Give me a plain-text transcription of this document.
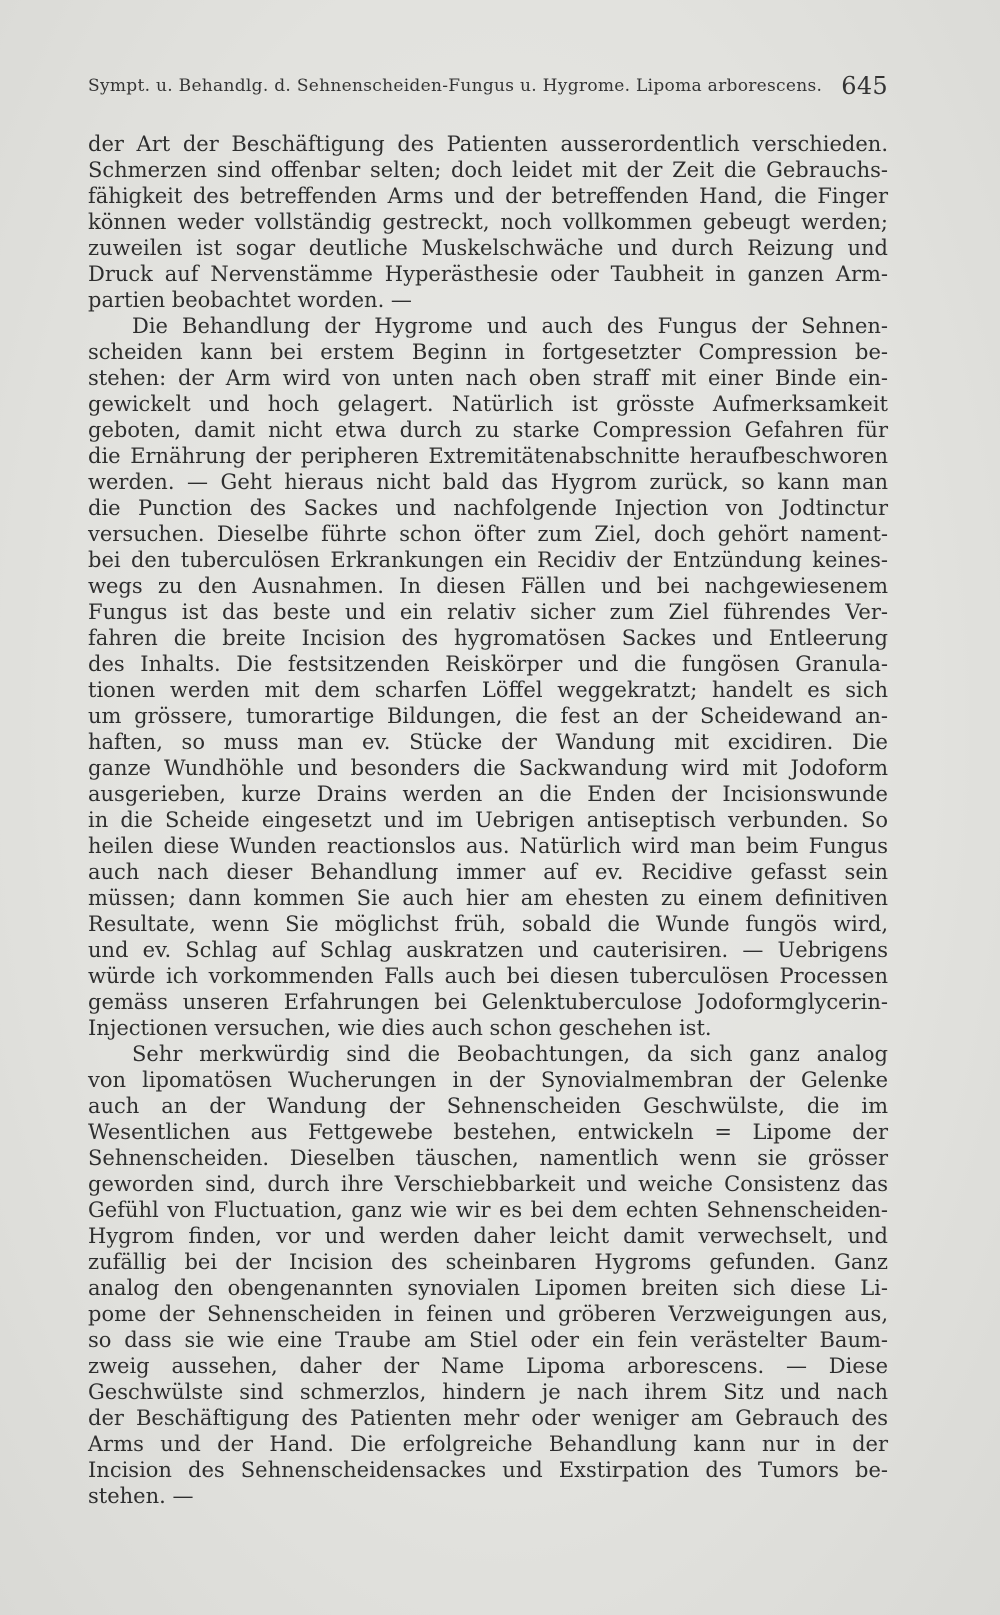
Sympt. u. Behandlg. d. Sehnenscheiden-Fungus u. Hygrome. Lipoma arborescens. 645
der Art der Beschäftigung des Patienten ausserordentlich verschieden.
Schmerzen sind offenbar selten; doch leidet mit der Zeit die Gebrauchs-
fähigkeit des betreffenden Arms und der betreffenden Hand, die Finger
können weder vollständig gestreckt, noch vollkommen gebeugt werden;
zuweilen ist sogar deutliche Muskelschwäche und durch Reizung und
Druck auf Nervenstämme Hyperästhesie oder Taubheit in ganzen Arm-
partien beobachtet worden. —
Die Behandlung der Hygrome und auch des Fungus der Sehnen-
scheiden kann bei erstem Beginn in fortgesetzter Compression be-
stehen: der Arm wird von unten nach oben straff mit einer Binde ein-
gewickelt und hoch gelagert. Natürlich ist grösste Aufmerksamkeit
geboten, damit nicht etwa durch zu starke Compression Gefahren für
die Ernährung der peripheren Extremitätenabschnitte heraufbeschworen
werden. — Geht hieraus nicht bald das Hygrom zurück, so kann man
die Punction des Sackes und nachfolgende Injection von Jodtinctur
versuchen. Dieselbe führte schon öfter zum Ziel, doch gehört nament-
bei den tuberculösen Erkrankungen ein Recidiv der Entzündung keines-
wegs zu den Ausnahmen. In diesen Fällen und bei nachgewiesenem
Fungus ist das beste und ein relativ sicher zum Ziel führendes Ver-
fahren die breite Incision des hygromatösen Sackes und Entleerung
des Inhalts. Die festsitzenden Reiskörper und die fungösen Granula-
tionen werden mit dem scharfen Löffel weggekratzt; handelt es sich
um grössere, tumorartige Bildungen, die fest an der Scheidewand an-
haften, so muss man ev. Stücke der Wandung mit excidiren. Die
ganze Wundhöhle und besonders die Sackwandung wird mit Jodoform
ausgerieben, kurze Drains werden an die Enden der Incisionswunde
in die Scheide eingesetzt und im Uebrigen antiseptisch verbunden. So
heilen diese Wunden reactionslos aus. Natürlich wird man beim Fungus
auch nach dieser Behandlung immer auf ev. Recidive gefasst sein
müssen; dann kommen Sie auch hier am ehesten zu einem definitiven
Resultate, wenn Sie möglichst früh, sobald die Wunde fungös wird,
und ev. Schlag auf Schlag auskratzen und cauterisiren. — Uebrigens
würde ich vorkommenden Falls auch bei diesen tuberculösen Processen
gemäss unseren Erfahrungen bei Gelenktuberculose Jodoformglycerin-
Injectionen versuchen, wie dies auch schon geschehen ist.
Sehr merkwürdig sind die Beobachtungen, da sich ganz analog
von lipomatösen Wucherungen in der Synovialmembran der Gelenke
auch an der Wandung der Sehnenscheiden Geschwülste, die im
Wesentlichen aus Fettgewebe bestehen, entwickeln = Lipome der
Sehnenscheiden. Dieselben täuschen, namentlich wenn sie grösser
geworden sind, durch ihre Verschiebbarkeit und weiche Consistenz das
Gefühl von Fluctuation, ganz wie wir es bei dem echten Sehnenscheiden-
Hygrom finden, vor und werden daher leicht damit verwechselt, und
zufällig bei der Incision des scheinbaren Hygroms gefunden. Ganz
analog den obengenannten synovialen Lipomen breiten sich diese Li-
pome der Sehnenscheiden in feinen und gröberen Verzweigungen aus,
so dass sie wie eine Traube am Stiel oder ein fein verästelter Baum-
zweig aussehen, daher der Name Lipoma arborescens. — Diese
Geschwülste sind schmerzlos, hindern je nach ihrem Sitz und nach
der Beschäftigung des Patienten mehr oder weniger am Gebrauch des
Arms und der Hand. Die erfolgreiche Behandlung kann nur in der
Incision des Sehnenscheidensackes und Exstirpation des Tumors be-
stehen. —
